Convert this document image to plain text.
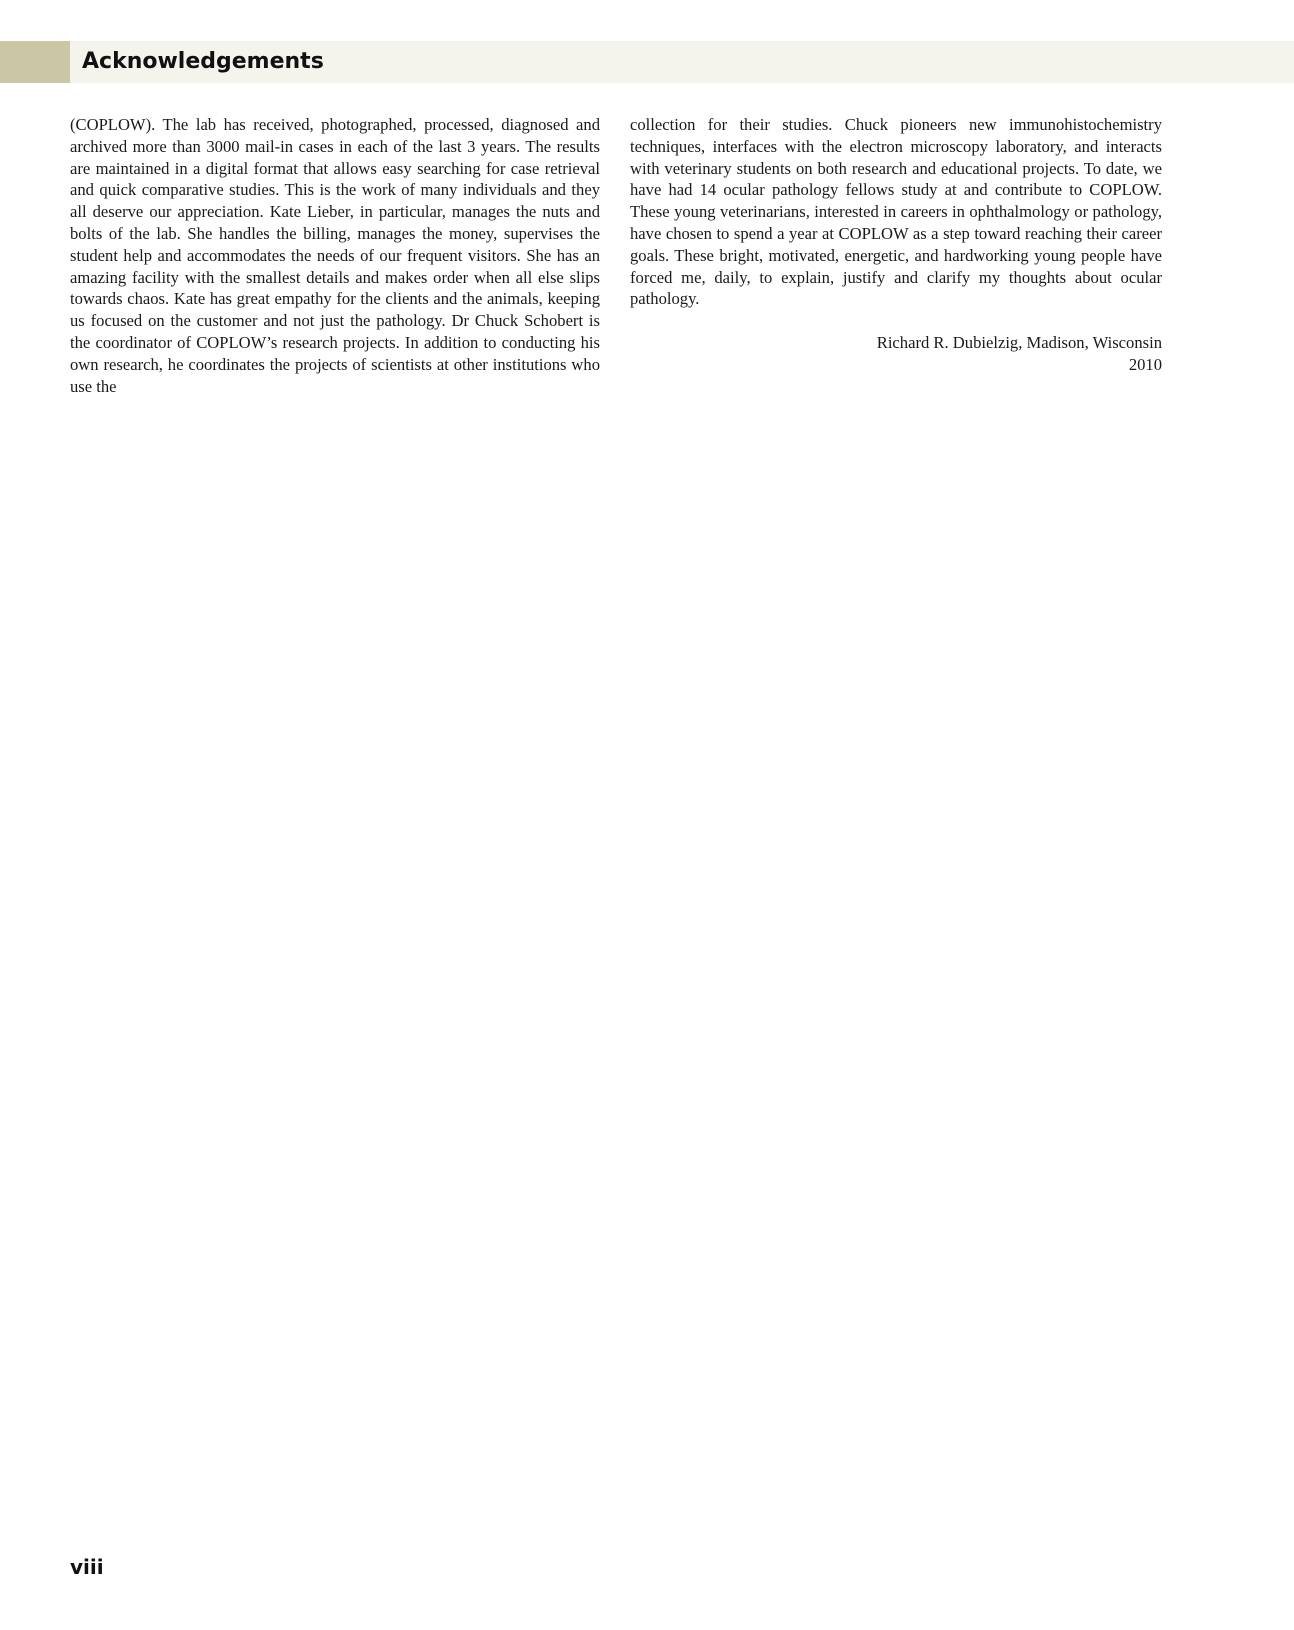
Acknowledgements

(COPLOW). The lab has received, photographed, processed, diagnosed and archived more than 3000 mail-in cases in each of the last 3 years. The results are maintained in a digital format that allows easy searching for case retrieval and quick comparative studies. This is the work of many individuals and they all deserve our appreciation. Kate Lieber, in particular, manages the nuts and bolts of the lab. She handles the billing, manages the money, supervises the student help and accommodates the needs of our frequent visitors. She has an amazing facility with the smallest details and makes order when all else slips towards chaos. Kate has great empathy for the clients and the animals, keeping us focused on the customer and not just the pathology. Dr Chuck Schobert is the coordinator of COPLOW’s research projects. In addition to conducting his own research, he coordinates the projects of scientists at other institutions who use the

collection for their studies. Chuck pioneers new immunohistochemistry techniques, interfaces with the electron microscopy laboratory, and interacts with veterinary students on both research and educational projects. To date, we have had 14 ocular pathology fellows study at and contribute to COPLOW. These young veterinarians, interested in careers in ophthalmology or pathology, have chosen to spend a year at COPLOW as a step toward reaching their career goals. These bright, motivated, energetic, and hardworking young people have forced me, daily, to explain, justify and clarify my thoughts about ocular pathology.

Richard R. Dubielzig, Madison, Wisconsin
2010
viii
